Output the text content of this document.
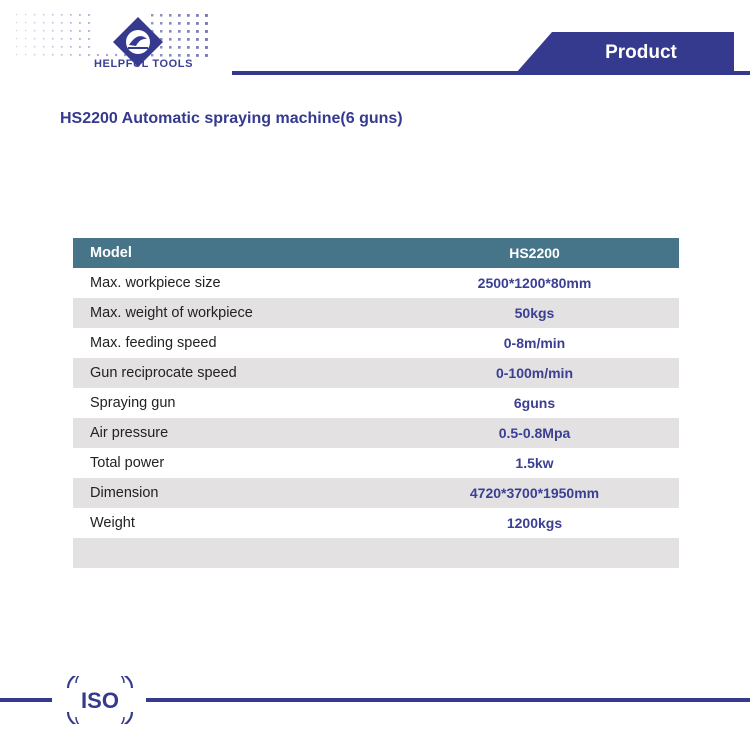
HELPFUL TOOLS
Product
HS2200 Automatic spraying machine(6 guns)
Model	HS2200
Max. workpiece size	2500*1200*80mm
Max. weight of workpiece	50kgs
Max. feeding speed	0-8m/min
Gun reciprocate speed	0-100m/min
Spraying gun	6guns
Air pressure	0.5-0.8Mpa
Total power	1.5kw
Dimension	4720*3700*1950mm
Weight	1200kgs

ISO
